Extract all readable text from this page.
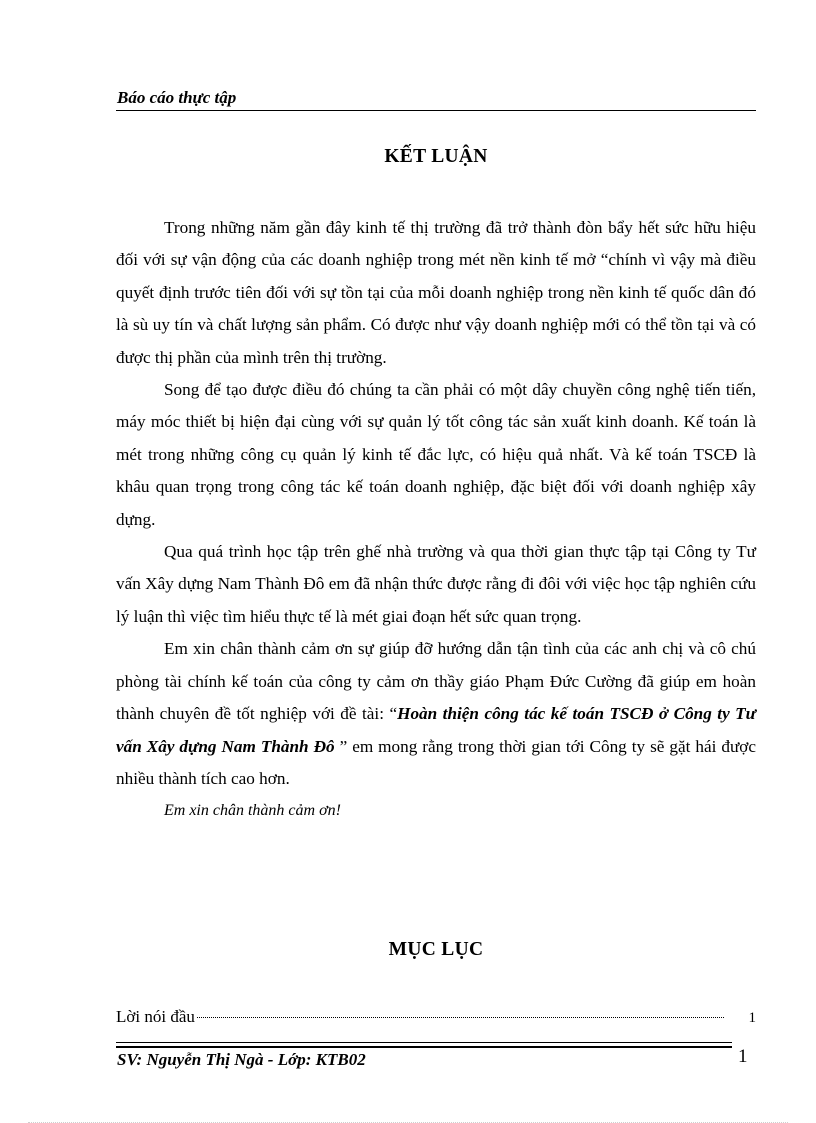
Báo cáo thực tập
KẾT LUẬN

Trong những năm gần đây kinh tế thị trường đã trở thành đòn bẩy hết sức hữu hiệu đối với sự vận động của các doanh nghiệp trong mét nền kinh tế mở “chính vì vậy mà điều quyết định trước tiên đối với sự tồn tại của mỗi doanh nghiệp trong nền kinh tế quốc dân đó là sù uy tín và chất lượng sản phẩm. Có được như vậy doanh nghiệp mới có thể tồn tại và có được thị phần của mình trên thị trường.

Song để tạo được điều đó chúng ta cần phải có một dây chuyền công nghệ tiến tiến, máy móc thiết bị hiện đại cùng với sự quản lý tốt công tác sản xuất kinh doanh. Kế toán là mét trong những công cụ quản lý kinh tế đắc lực, có hiệu quả nhất. Và kế toán TSCĐ là khâu quan trọng trong công tác kế toán doanh nghiệp, đặc biệt đối với doanh nghiệp xây dựng.

Qua quá trình học tập trên ghế nhà trường và qua thời gian thực tập tại Công ty Tư vấn Xây dựng Nam Thành Đô em đã nhận thức được rằng đi đôi với việc học tập nghiên cứu lý luận thì việc tìm hiểu thực tế là mét giai đoạn hết sức quan trọng.

Em xin chân thành cảm ơn sự giúp đỡ hướng dẫn tận tình của các anh chị và cô chú phòng tài chính kế toán của công ty cảm ơn thầy giáo Phạm Đức Cường đã giúp em hoàn thành chuyên đề tốt nghiệp với đề tài: “Hoàn thiện công tác kế toán TSCĐ ở Công ty Tư vấn Xây dựng Nam Thành Đô ” em mong rằng trong thời gian tới Công ty sẽ gặt hái được nhiều thành tích cao hơn.

Em xin chân thành cảm ơn!

MỤC LỤC
Lời nói đầu	1
SV: Nguyễn Thị Ngà - Lớp: KTB02	1
